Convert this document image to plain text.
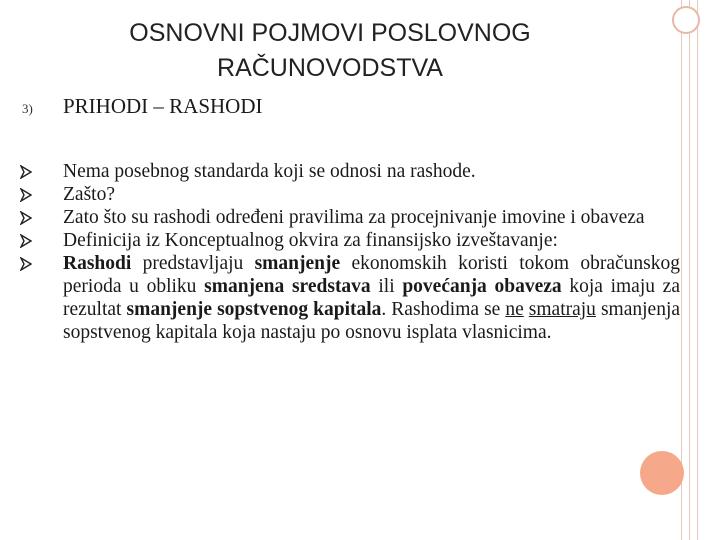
OSNOVNI POJMOVI POSLOVNOG
RAČUNOVODSTVA
3) PRIHODI – RASHODI

Nema posebnog standarda koji se odnosi na rashode.

Zašto?

Zato što su rashodi određeni pravilima za procejnivanje imovine i obaveza

Definicija iz Konceptualnog okvira za finansijsko izveštavanje:

Rashodi predstavljaju smanjenje ekonomskih koristi tokom obračunskog perioda u obliku smanjena sredstava ili povećanja obaveza koja imaju za rezultat smanjenje sopstvenog kapitala. Rashodima se ne smatraju smanjenja sopstvenog kapitala koja nastaju po osnovu isplata vlasnicima.
